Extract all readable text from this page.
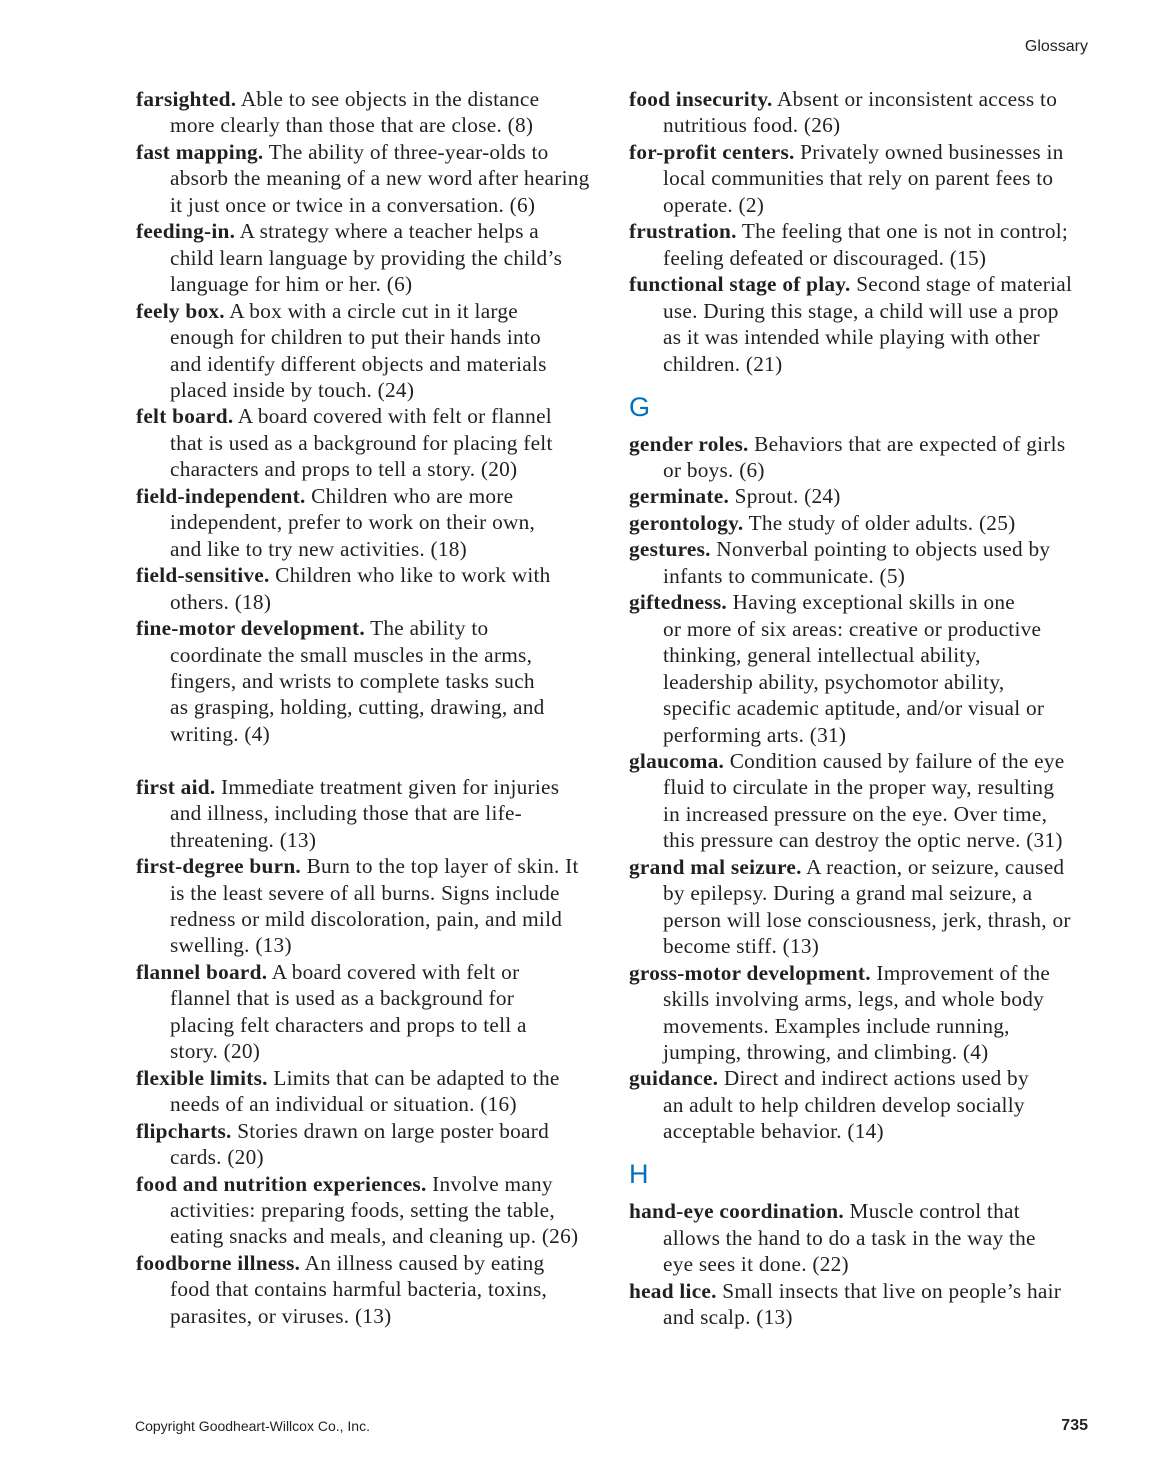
Glossary
farsighted. Able to see objects in the distance
more clearly than those that are close. (8)
fast mapping. The ability of three-year-olds to
absorb the meaning of a new word after hearing
it just once or twice in a conversation. (6)
feeding-in. A strategy where a teacher helps a
child learn language by providing the child’s
language for him or her. (6)
feely box. A box with a circle cut in it large
enough for children to put their hands into
and identify different objects and materials
placed inside by touch. (24)
felt board. A board covered with felt or flannel
that is used as a background for placing felt
characters and props to tell a story. (20)
field-independent. Children who are more
independent, prefer to work on their own,
and like to try new activities. (18)
field-sensitive. Children who like to work with
others. (18)
fine-motor development. The ability to
coordinate the small muscles in the arms,
fingers, and wrists to complete tasks such
as grasping, holding, cutting, drawing, and
writing. (4)
first aid. Immediate treatment given for injuries
and illness, including those that are life-
threatening. (13)
first-degree burn. Burn to the top layer of skin. It
is the least severe of all burns. Signs include
redness or mild discoloration, pain, and mild
swelling. (13)
flannel board. A board covered with felt or
flannel that is used as a background for
placing felt characters and props to tell a
story. (20)
flexible limits. Limits that can be adapted to the
needs of an individual or situation. (16)
flipcharts. Stories drawn on large poster board
cards. (20)
food and nutrition experiences. Involve many
activities: preparing foods, setting the table,
eating snacks and meals, and cleaning up. (26)
foodborne illness. An illness caused by eating
food that contains harmful bacteria, toxins,
parasites, or viruses. (13)
food insecurity. Absent or inconsistent access to
nutritious food. (26)
for-profit centers. Privately owned businesses in
local communities that rely on parent fees to
operate. (2)
frustration. The feeling that one is not in control;
feeling defeated or discouraged. (15)
functional stage of play. Second stage of material
use. During this stage, a child will use a prop
as it was intended while playing with other
children. (21)
G
gender roles. Behaviors that are expected of girls
or boys. (6)
germinate. Sprout. (24)
gerontology. The study of older adults. (25)
gestures. Nonverbal pointing to objects used by
infants to communicate. (5)
giftedness. Having exceptional skills in one
or more of six areas: creative or productive
thinking, general intellectual ability,
leadership ability, psychomotor ability,
specific academic aptitude, and/or visual or
performing arts. (31)
glaucoma. Condition caused by failure of the eye
fluid to circulate in the proper way, resulting
in increased pressure on the eye. Over time,
this pressure can destroy the optic nerve. (31)
grand mal seizure. A reaction, or seizure, caused
by epilepsy. During a grand mal seizure, a
person will lose consciousness, jerk, thrash, or
become stiff. (13)
gross-motor development. Improvement of the
skills involving arms, legs, and whole body
movements. Examples include running,
jumping, throwing, and climbing. (4)
guidance. Direct and indirect actions used by
an adult to help children develop socially
acceptable behavior. (14)
H
hand-eye coordination. Muscle control that
allows the hand to do a task in the way the
eye sees it done. (22)
head lice. Small insects that live on people’s hair
and scalp. (13)
Copyright Goodheart-Willcox Co., Inc.	735
